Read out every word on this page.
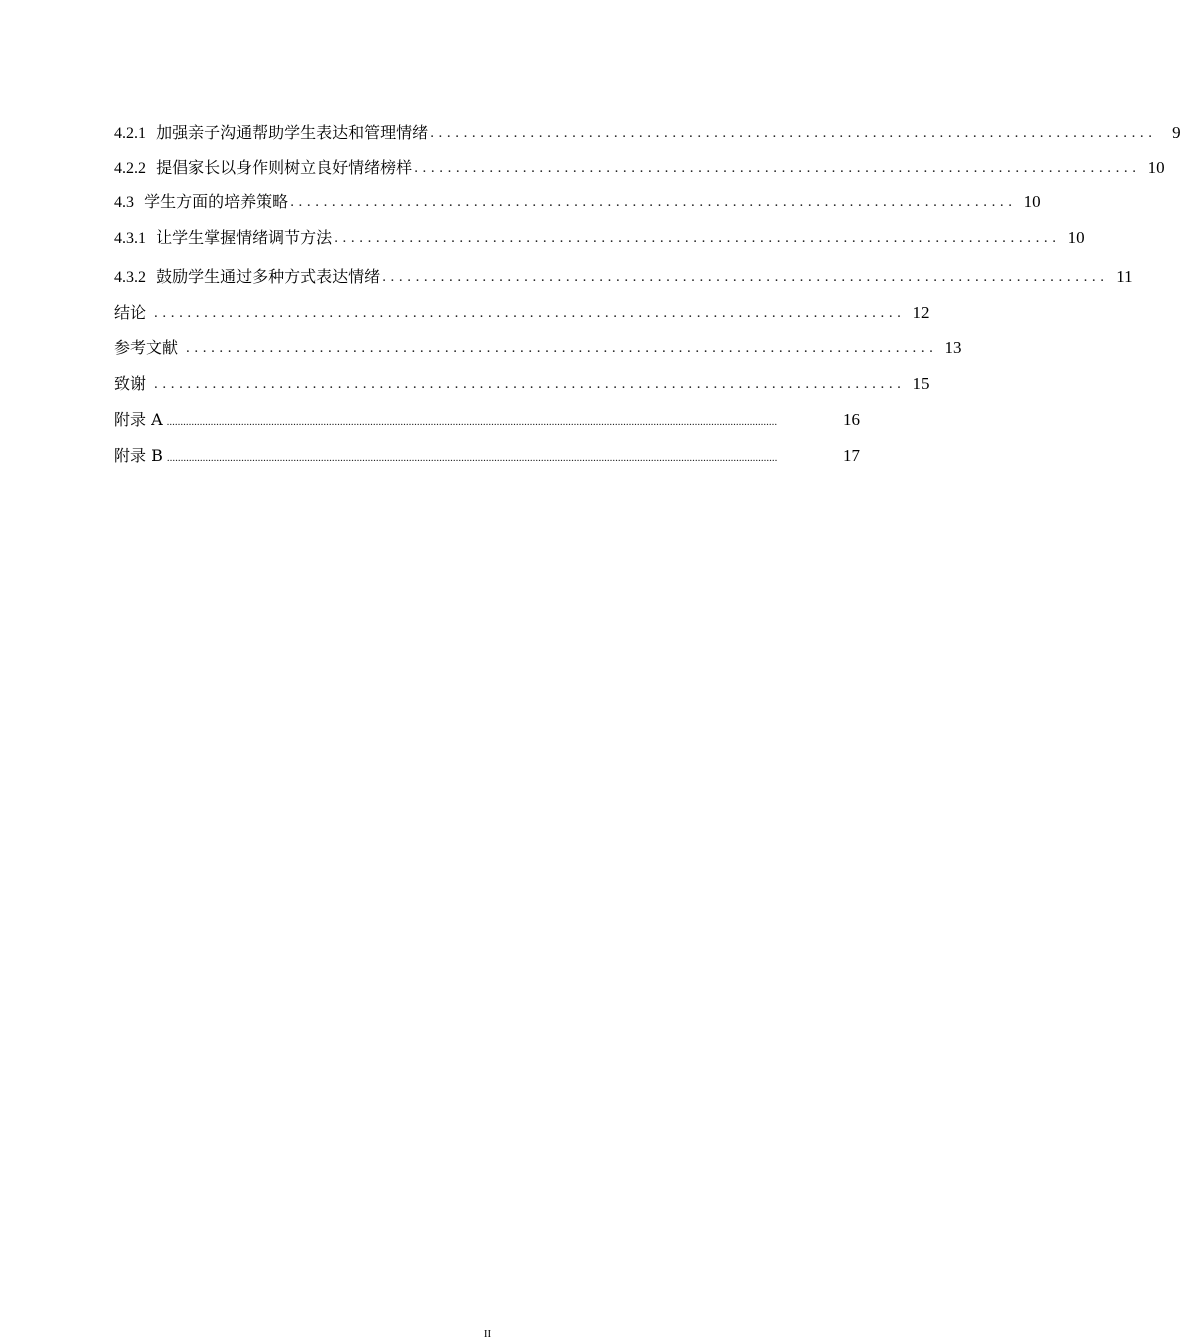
4.2.1 加强亲子沟通帮助学生表达和管理情绪 ....................................................................................... 9
4.2.2 提倡家长以身作则树立良好情绪榜样 ....................................................................................... 10
4.3 学生方面的培养策略 ....................................................................................... 10
4.3.1 让学生掌握情绪调节方法 ....................................................................................... 10
4.3.2 鼓励学生通过多种方式表达情绪 ....................................................................................... 11
结论 .......................................................................................... 12
参考文献 .......................................................................................... 13
致谢 .......................................................................................... 15
附录 A ..............................................................................................................................................................................................................................	16
附录 B ..............................................................................................................................................................................................................................	17
II
